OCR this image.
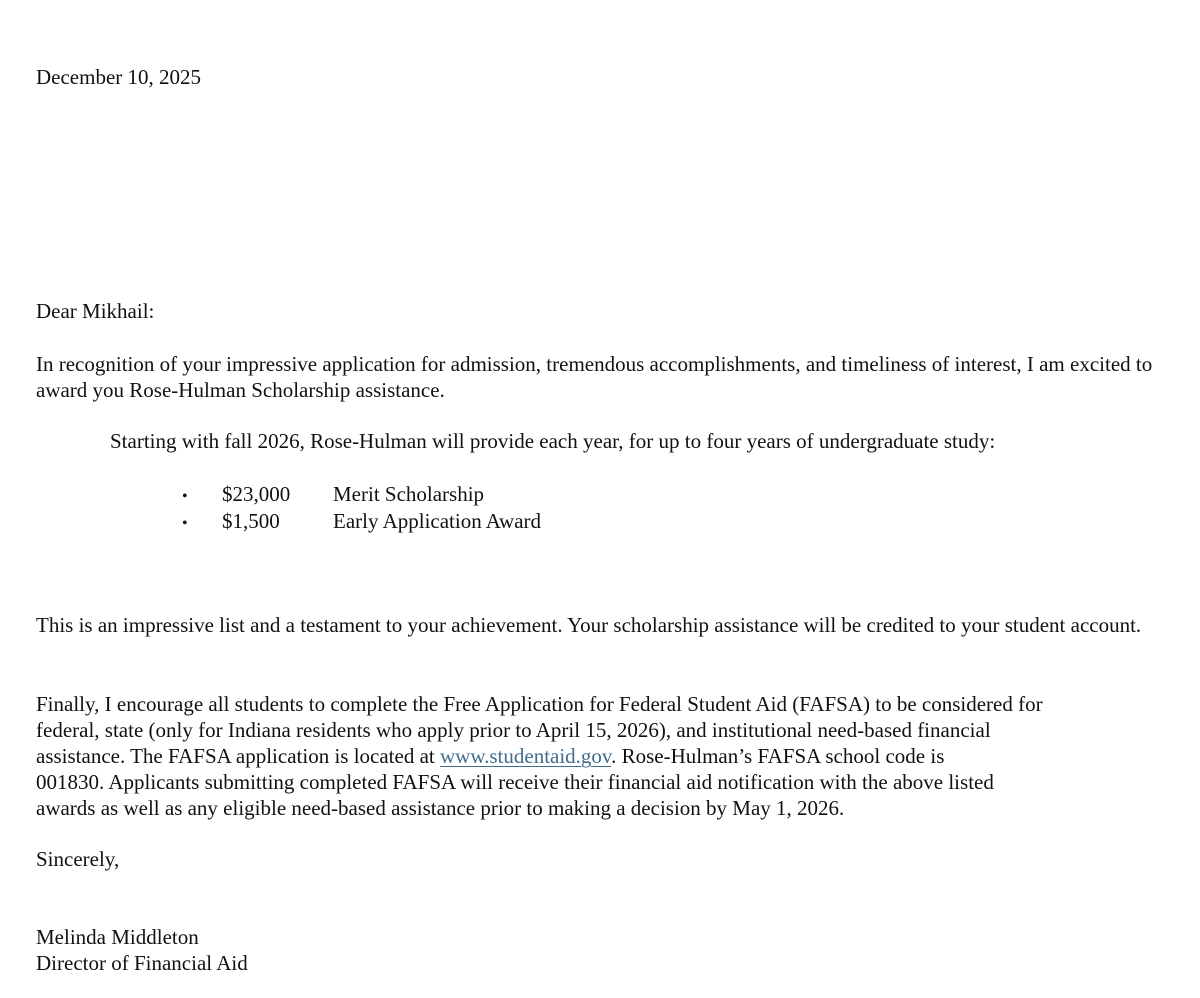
December 10, 2025

Dear Mikhail:

In recognition of your impressive application for admission, tremendous accomplishments, and timeliness of interest, I am excited to award you Rose-Hulman Scholarship assistance.

Starting with fall 2026, Rose-Hulman will provide each year, for up to four years of undergraduate study:

•	$23,000	Merit Scholarship
•	$1,500	Early Application Award

This is an impressive list and a testament to your achievement. Your scholarship assistance will be credited to your student account.

Finally, I encourage all students to complete the Free Application for Federal Student Aid (FAFSA) to be considered for
federal, state (only for Indiana residents who apply prior to April 15, 2026), and institutional need-based financial
assistance. The FAFSA application is located at www.studentaid.gov. Rose-Hulman’s FAFSA school code is
001830. Applicants submitting completed FAFSA will receive their financial aid notification with the above listed
awards as well as any eligible need-based assistance prior to making a decision by May 1, 2026.

Sincerely,

Melinda Middleton

Director of Financial Aid
